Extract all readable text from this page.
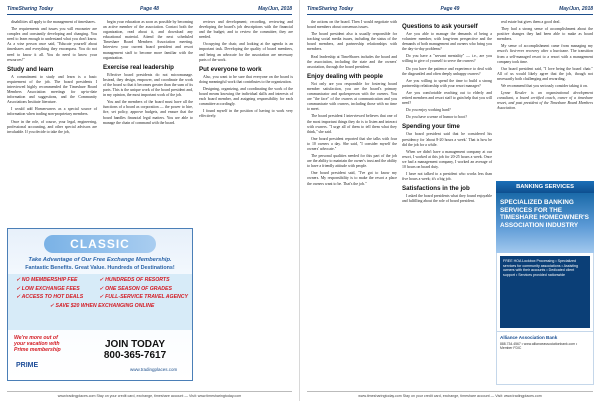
TimeSharing Today	Page 48	May/Jun, 2018

disabilities all apply to the management of timeshares.

The requirements and issues you will encounter are complex and constantly developing and changing. You need to learn enough to understand what you don't know. As a wise person once said, "Educate yourself about timeshares and everything they encompass. You do not need to know it all. You do need to know your resources!"

Study and learn

A commitment to study and learn is a basic requirement of the job. The board presidents I interviewed highly recommended the Timeshare Board Members Association meetings for up-to-date information and suggestions, and the Community Associations Institute literature.

I would add Homeowners as a special source of information when trading non-proprietary members.

Once in the role, of course, your legal, engineering, professional accounting, and other special advisors are invaluable. If you decide to take the job,

begin your education as soon as possible by becoming an active member of the association. Contact both the organization, read about it, and download any educational material. Attend the next scheduled Timeshare Board Members Association meeting. Interview your current board president and resort management staff to become more familiar with the organization.

Exercise real leadership

Effective board presidents do not micromanage. Instead, they design, empower, and coordinate the work of the board so that it becomes greater than the sum of its parts. This is the unique work of the board president and, in my opinion, the most important work of the job.

You and the members of the board must have all the functions of a board as corporation — the power to hire, fire, set policy, approve budgets, and ensure that the board handles financial legal matters. You are able to manage the chain of command with the board.

reviews and development; recording, reviewing and developing the board's job descriptions with the financial and the budget; and to review the committee, they are needed.

Occupying the chair, and looking at the agenda is an important task. Developing the quality of board members, and being an advocate for the association are necessary parts of the work.

Put everyone to work

Also, you want to be sure that everyone on the board is doing meaningful work that contributes to the organization.

Designing, organizing, and coordinating the work of the board means knowing the individual skills and interests of each board member, and assigning responsibility for each committee accordingly.

I found myself in the position of having to work very effectively.

CLASSIC
Take Advantage of Our Free Exchange Membership.
Fantastic Benefits. Great Value. Hundreds of Destinations!
✓ NO MEMBERSHIP FEE	✓ HUNDREDS OF RESORTS
✓ LOW EXCHANGE FEES	✓ ONE SEASON OF GRADES
✓ ACCESS TO HOT DEALS	✓ FULL-SERVICE TRAVEL AGENCY
✓ SAVE $20 WHEN EXCHANGING ONLINE
We're more out of your vacation with Prime membership
PRIME
JOIN TODAY
800-365-7617
www.tradingplaces.com
www.tradingplaces.com Stay on your credit card, exchange, timeshare account — Visit: www.timesharingtoday.com
TimeSharing Today	Page 49	May/Jun, 2018

the actions on the board. Then I would negotiate with board members about consensus issues.

The board president also is usually responsible for tracking social media issues, including the status of the board members, and partnership relationships with members.

Real leadership at TimeShares includes the board and the association, including the state and the owners' association, through the board president.

Enjoy dealing with people

Not only are you responsible for fostering board member satisfaction, you are the board's primary communicator and spokesperson with the owners. You are "the face" of the owners at communication and you communicate with owners, including those with no time to meet.

The board president I interviewed believes that one of the most important things they do is to listen and interact with owners. "I urge all of them to tell them what they think," she said.

One board president reported that she talks with four to 10 owners a day. She said, "I consider myself the owners' advocate."

The personal qualities needed for this part of the job are the ability to maintain the owner's trust and the ability to have a friendly attitude with people.

One board president said, "I've got to know my owners. My responsibility is to make the resort a place the owners want to be. That's the job."

Questions to ask yourself

Are you able to manage the demands of being a volunteer member, with long-term perspective and the demands of both management and owners who bring you the day-to-day problems?

Do you have a "servant mentality" — i.e., are you willing to give of yourself to serve the owners?

Do you have the patience and experience to deal with the disgruntled and often deeply unhappy owners?

Are you willing to spend the time to build a strong partnership relationship with your resort manager?

Are you comfortable reaching out to elderly and retired members and resort staff to gain help that you will need?

Do you enjoy working hard?

Do you have a sense of humor to boot?

Spending your time

Our board president said that he considered his presidency for 'about 8-20 hours a week.' That is how he did the job for a while.

When we didn't have a management company at our resort, I worked at this job for 20-25 hours a week. Once we had a management company, I worked an average of 10 hours on board duty.

I have not talked to a president who works less than five hours a week; it's a big job.

Satisfactions in the job

I asked the board presidents what they found enjoyable and fulfilling about the role of board president.

real estate but gives them a good deal.

They had a strong sense of accomplishment about the positive changes they had been able to make as board members.

My sense of accomplishment came from managing my resort's first-ever recovery after a hurricane. The transition from a self-managed resort to a resort with a management company took time.

Our board president said, "I love being the board chair." All of us would likely agree that the job, though not necessarily both challenging and rewarding.

We recommend that you seriously consider taking it on.

Lynne Kessler is an organizational development consultant, a board certified coach, owner of a timeshare resort, and past president of the Timeshare Board Members Association.

BANKING SERVICES
SPECIALIZED BANKING SERVICES FOR THE TIMESHARE HOMEOWNER'S ASSOCIATION INDUSTRY
FREE HOA Lockbox Processing • Specialized services for community associations • Assisting owners with their accounts • Dedicated client support • Services provided nationwide
Alliance Association Bank
888.734.4567 • www.allianceassociationbank.com • Member FDIC
www.timesharingtoday.com Stay on your credit card, exchange, timeshare account — Visit: www.tradingplaces.com
